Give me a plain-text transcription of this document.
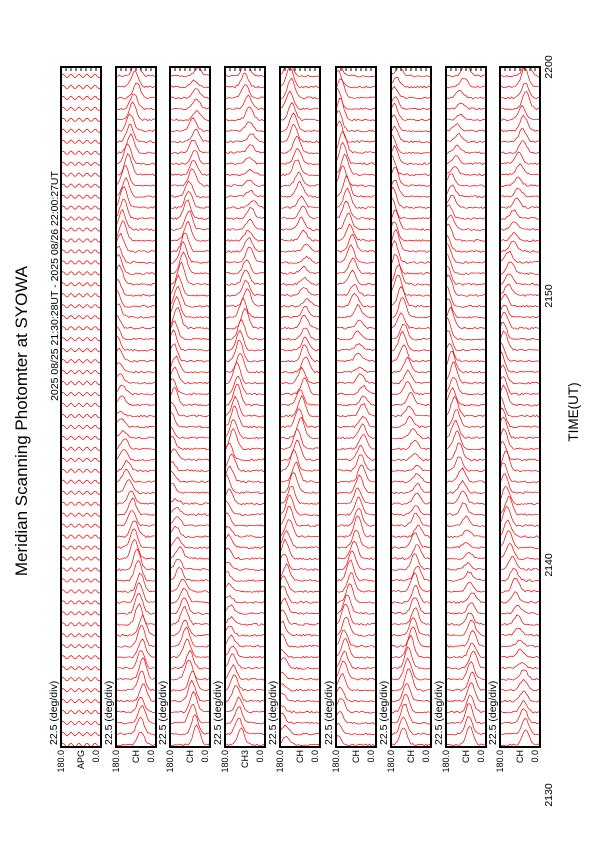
22.5 (deg/div)
180.0	0.0
APG
22.5 (deg/div)
180.0	0.0
CH
22.5 (deg/div)
180.0	0.0
CH
22.5 (deg/div)
180.0	0.0
CH3
22.5 (deg/div)
180.0	0.0
CH
22.5 (deg/div)
180.0	0.0
CH
22.5 (deg/div)
180.0	0.0
CH
22.5 (deg/div)
180.0	0.0
CH
22.5 (deg/div)
180.0	0.0
CH
Meridian Scanning Photomter at SYOWA 2025 08/25 21:30:28UT - 2025 08/26 22:00:27UT
2130
2140
2150
2200
TIME(UT)
